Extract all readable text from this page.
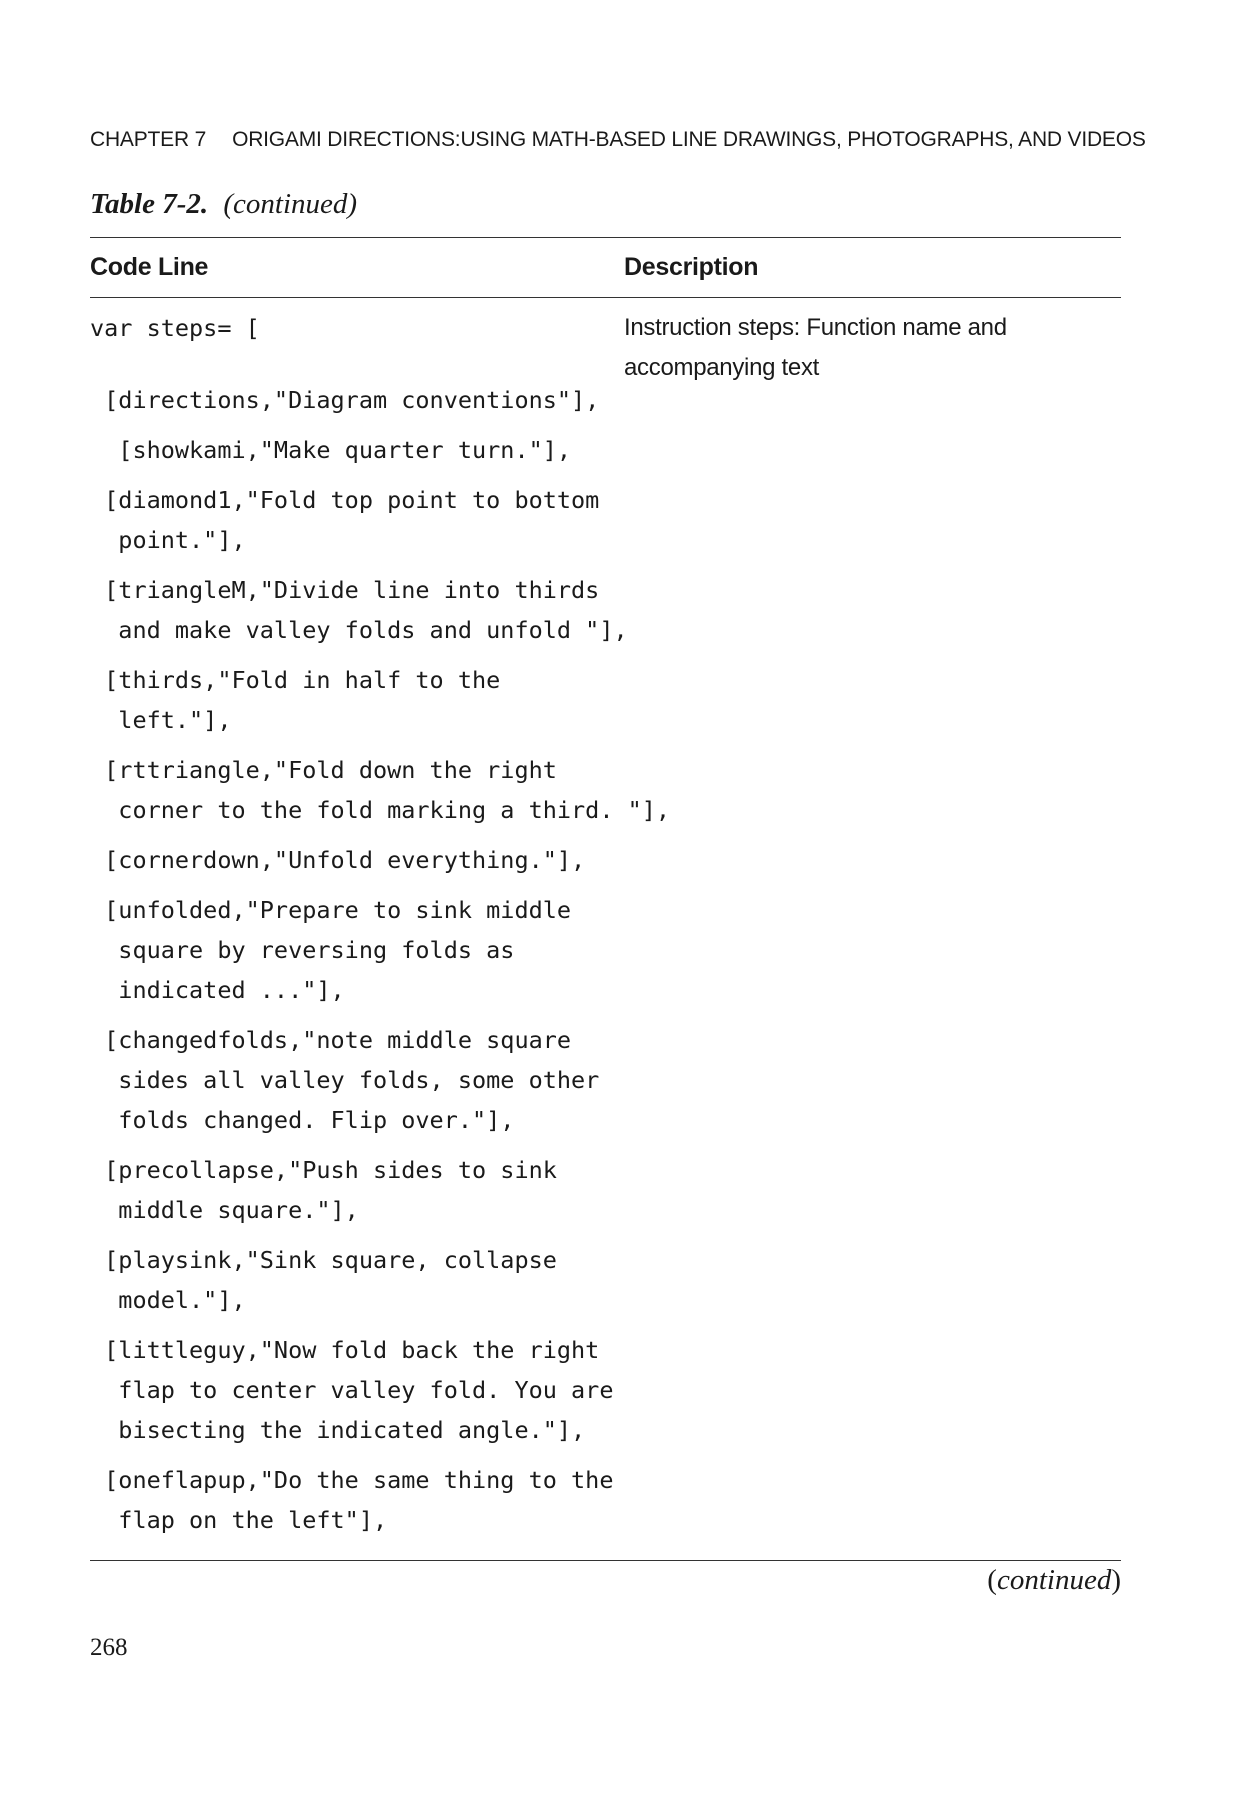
CHAPTER 7 ORIGAMI DIRECTIONS:USING MATH-BASED LINE DRAWINGS, PHOTOGRAPHS, AND VIDEOS
Table 7-2. (continued)
Code Line	Description
var steps= [
[directions,"Diagram conventions"],
[showkami,"Make quarter turn."],
[diamond1,"Fold top point to bottom
point."],
[triangleM,"Divide line into thirds
and make valley folds and unfold "],
[thirds,"Fold in half to the
left."],
[rttriangle,"Fold down the right
corner to the fold marking a third. "],
[cornerdown,"Unfold everything."],
[unfolded,"Prepare to sink middle
square by reversing folds as
indicated ..."],
[changedfolds,"note middle square
sides all valley folds, some other
folds changed. Flip over."],
[precollapse,"Push sides to sink
middle square."],
[playsink,"Sink square, collapse
model."],
[littleguy,"Now fold back the right
flap to center valley fold. You are
bisecting the indicated angle."],
[oneflapup,"Do the same thing to the
flap on the left"],
Instruction steps: Function name and accompanying text
(continued)
268
